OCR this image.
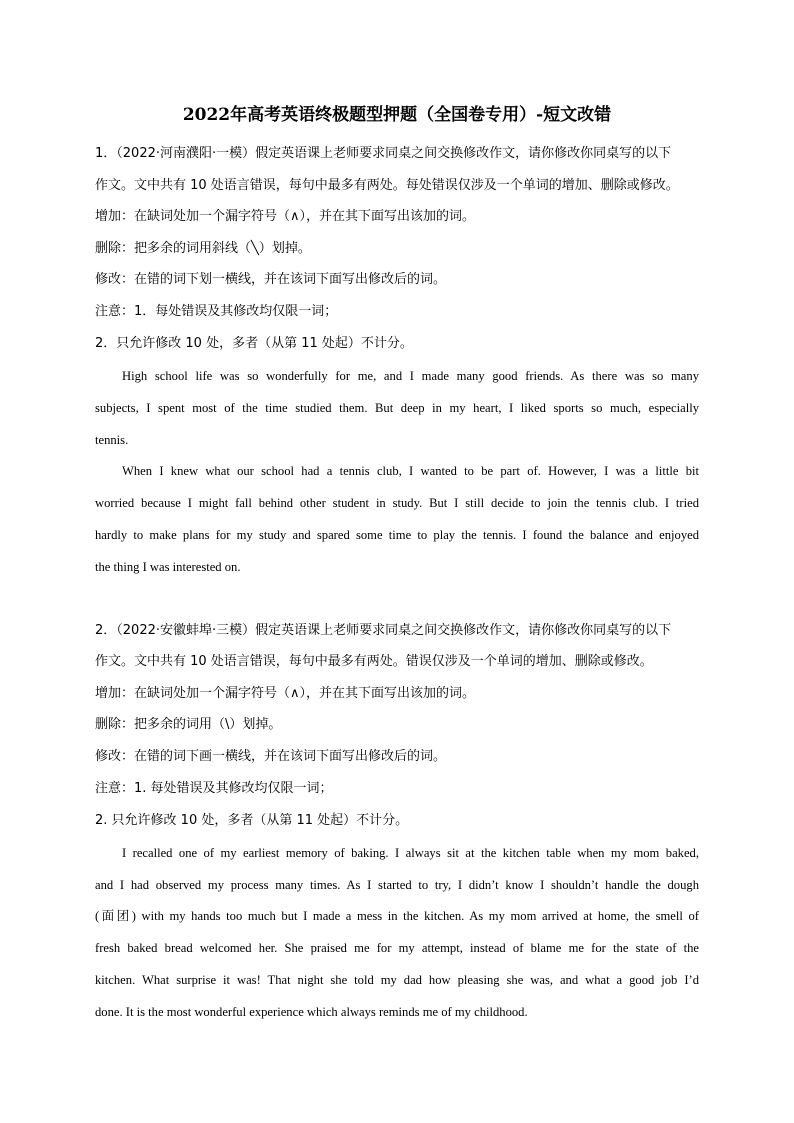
2022年高考英语终极题型押题（全国卷专用）-短文改错
1．（2022·河南濮阳·一模）假定英语课上老师要求同桌之间交换修改作文，请你修改你同桌写的以下
作文。文中共有 10 处语言错误，每句中最多有两处。每处错误仅涉及一个单词的增加、删除或修改。
增加：在缺词处加一个漏字符号（∧），并在其下面写出该加的词。
删除：把多余的词用斜线（╲）划掉。
修改：在错的词下划一横线，并在该词下面写出修改后的词。
注意：1．每处错误及其修改均仅限一词；
2．只允许修改 10 处，多者（从第 11 处起）不计分。
High school life was so wonderfully for me, and I made many good friends. As there was so many
subjects, I spent most of the time studied them. But deep in my heart, I liked sports so much, especially
tennis.
When I knew what our school had a tennis club, I wanted to be part of. However, I was a little bit
worried because I might fall behind other student in study. But I still decide to join the tennis club. I tried
hardly to make plans for my study and spared some time to play the tennis. I found the balance and enjoyed
the thing I was interested on.
2．（2022·安徽蚌埠·三模）假定英语课上老师要求同桌之间交换修改作文，请你修改你同桌写的以下
作文。文中共有 10 处语言错误，每句中最多有两处。错误仅涉及一个单词的增加、删除或修改。
增加：在缺词处加一个漏字符号（∧），并在其下面写出该加的词。
删除：把多余的词用（\）划掉。
修改：在错的词下画一横线，并在该词下面写出修改后的词。
注意：1. 每处错误及其修改均仅限一词；
2. 只允许修改 10 处，多者（从第 11 处起）不计分。
I recalled one of my earliest memory of baking. I always sit at the kitchen table when my mom baked,
and I had observed my process many times. As I started to try, I didn’t know I shouldn’t handle the dough
(面团) with my hands too much but I made a mess in the kitchen. As my mom arrived at home, the smell of
fresh baked bread welcomed her. She praised me for my attempt, instead of blame me for the state of the
kitchen. What surprise it was! That night she told my dad how pleasing she was, and what a good job I’d
done. It is the most wonderful experience which always reminds me of my childhood.
